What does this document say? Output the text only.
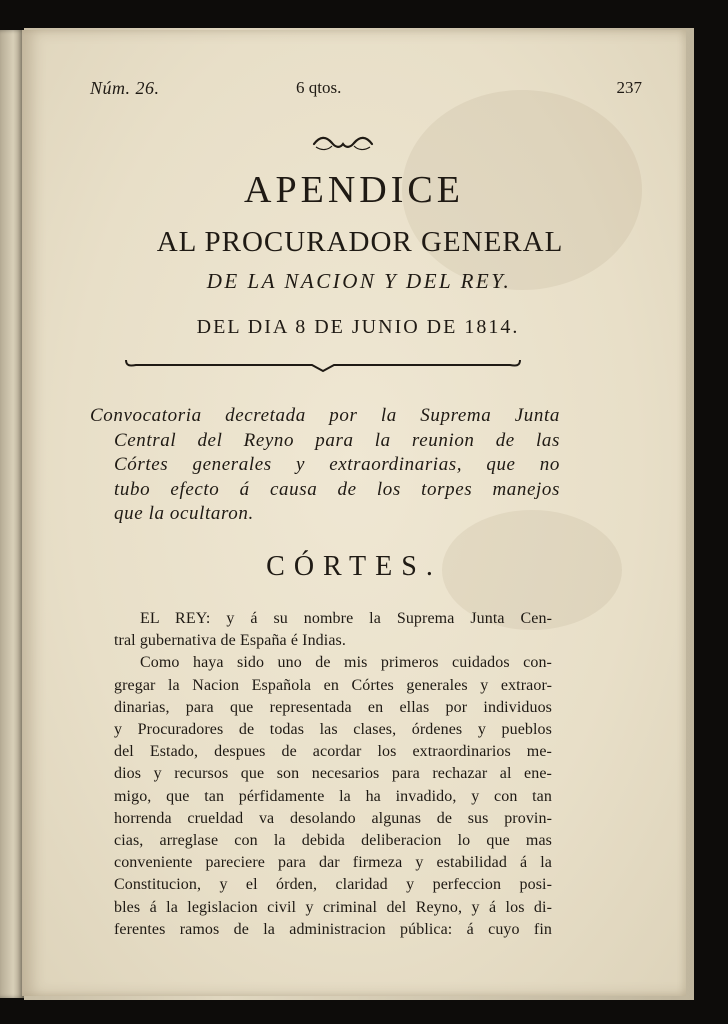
Núm. 26.	6 qtos.	237
APENDICE
AL PROCURADOR GENERAL
DE LA NACION Y DEL REY.
DEL DIA 8 DE JUNIO DE 1814.
Convocatoria decretada por la Suprema Junta
Central del Reyno para la reunion de las
Córtes generales y extraordinarias, que no
tubo efecto á causa de los torpes manejos
que la ocultaron.
CÓRTES.
EL REY: y á su nombre la Suprema Junta Cen-
tral gubernativa de España é Indias.
Como haya sido uno de mis primeros cuidados con-
gregar la Nacion Española en Córtes generales y extraor-
dinarias, para que representada en ellas por individuos
y Procuradores de todas las clases, órdenes y pueblos
del Estado, despues de acordar los extraordinarios me-
dios y recursos que son necesarios para rechazar al ene-
migo, que tan pérfidamente la ha invadido, y con tan
horrenda crueldad va desolando algunas de sus provin-
cias, arreglase con la debida deliberacion lo que mas
conveniente pareciere para dar firmeza y estabilidad á la
Constitucion, y el órden, claridad y perfeccion posi-
bles á la legislacion civil y criminal del Reyno, y á los di-
ferentes ramos de la administracion pública: á cuyo fin
